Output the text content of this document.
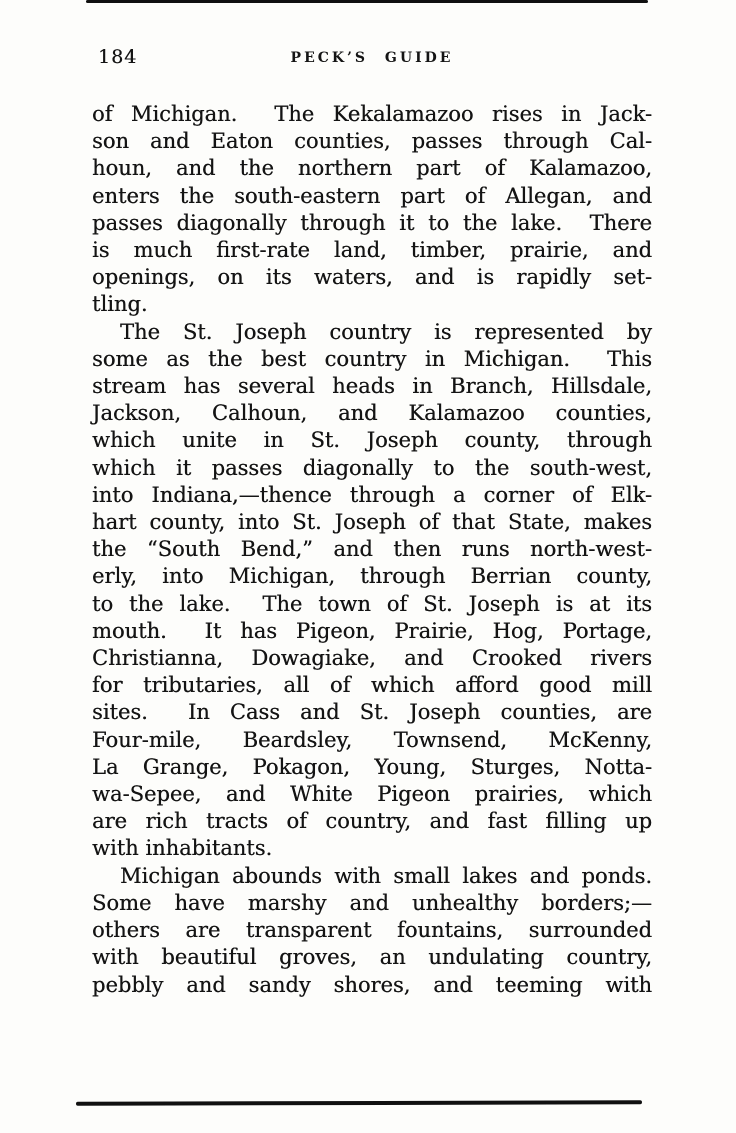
184	PECK’S GUIDE

of Michigan.  The Kekalamazoo rises in Jack-
son and Eaton counties, passes through Cal-
houn, and the northern part of Kalamazoo,
enters the south-eastern part of Allegan, and
passes diagonally through it to the lake.  There
is much first-rate land, timber, prairie, and
openings, on its waters, and is rapidly set-
tling.

The St. Joseph country is represented by
some as the best country in Michigan.  This
stream has several heads in Branch, Hillsdale,
Jackson, Calhoun, and Kalamazoo counties,
which unite in St. Joseph county, through
which it passes diagonally to the south-west,
into Indiana,—thence through a corner of Elk-
hart county, into St. Joseph of that State, makes
the “South Bend,” and then runs north-west-
erly, into Michigan, through Berrian county,
to the lake.  The town of St. Joseph is at its
mouth.  It has Pigeon, Prairie, Hog, Portage,
Christianna, Dowagiake, and Crooked rivers
for tributaries, all of which afford good mill
sites.  In Cass and St. Joseph counties, are
Four-mile, Beardsley, Townsend, McKenny,
La Grange, Pokagon, Young, Sturges, Notta-
wa-Sepee, and White Pigeon prairies, which
are rich tracts of country, and fast filling up
with inhabitants.

Michigan abounds with small lakes and ponds.
Some have marshy and unhealthy borders;—
others are transparent fountains, surrounded
with beautiful groves, an undulating country,
pebbly and sandy shores, and teeming with
